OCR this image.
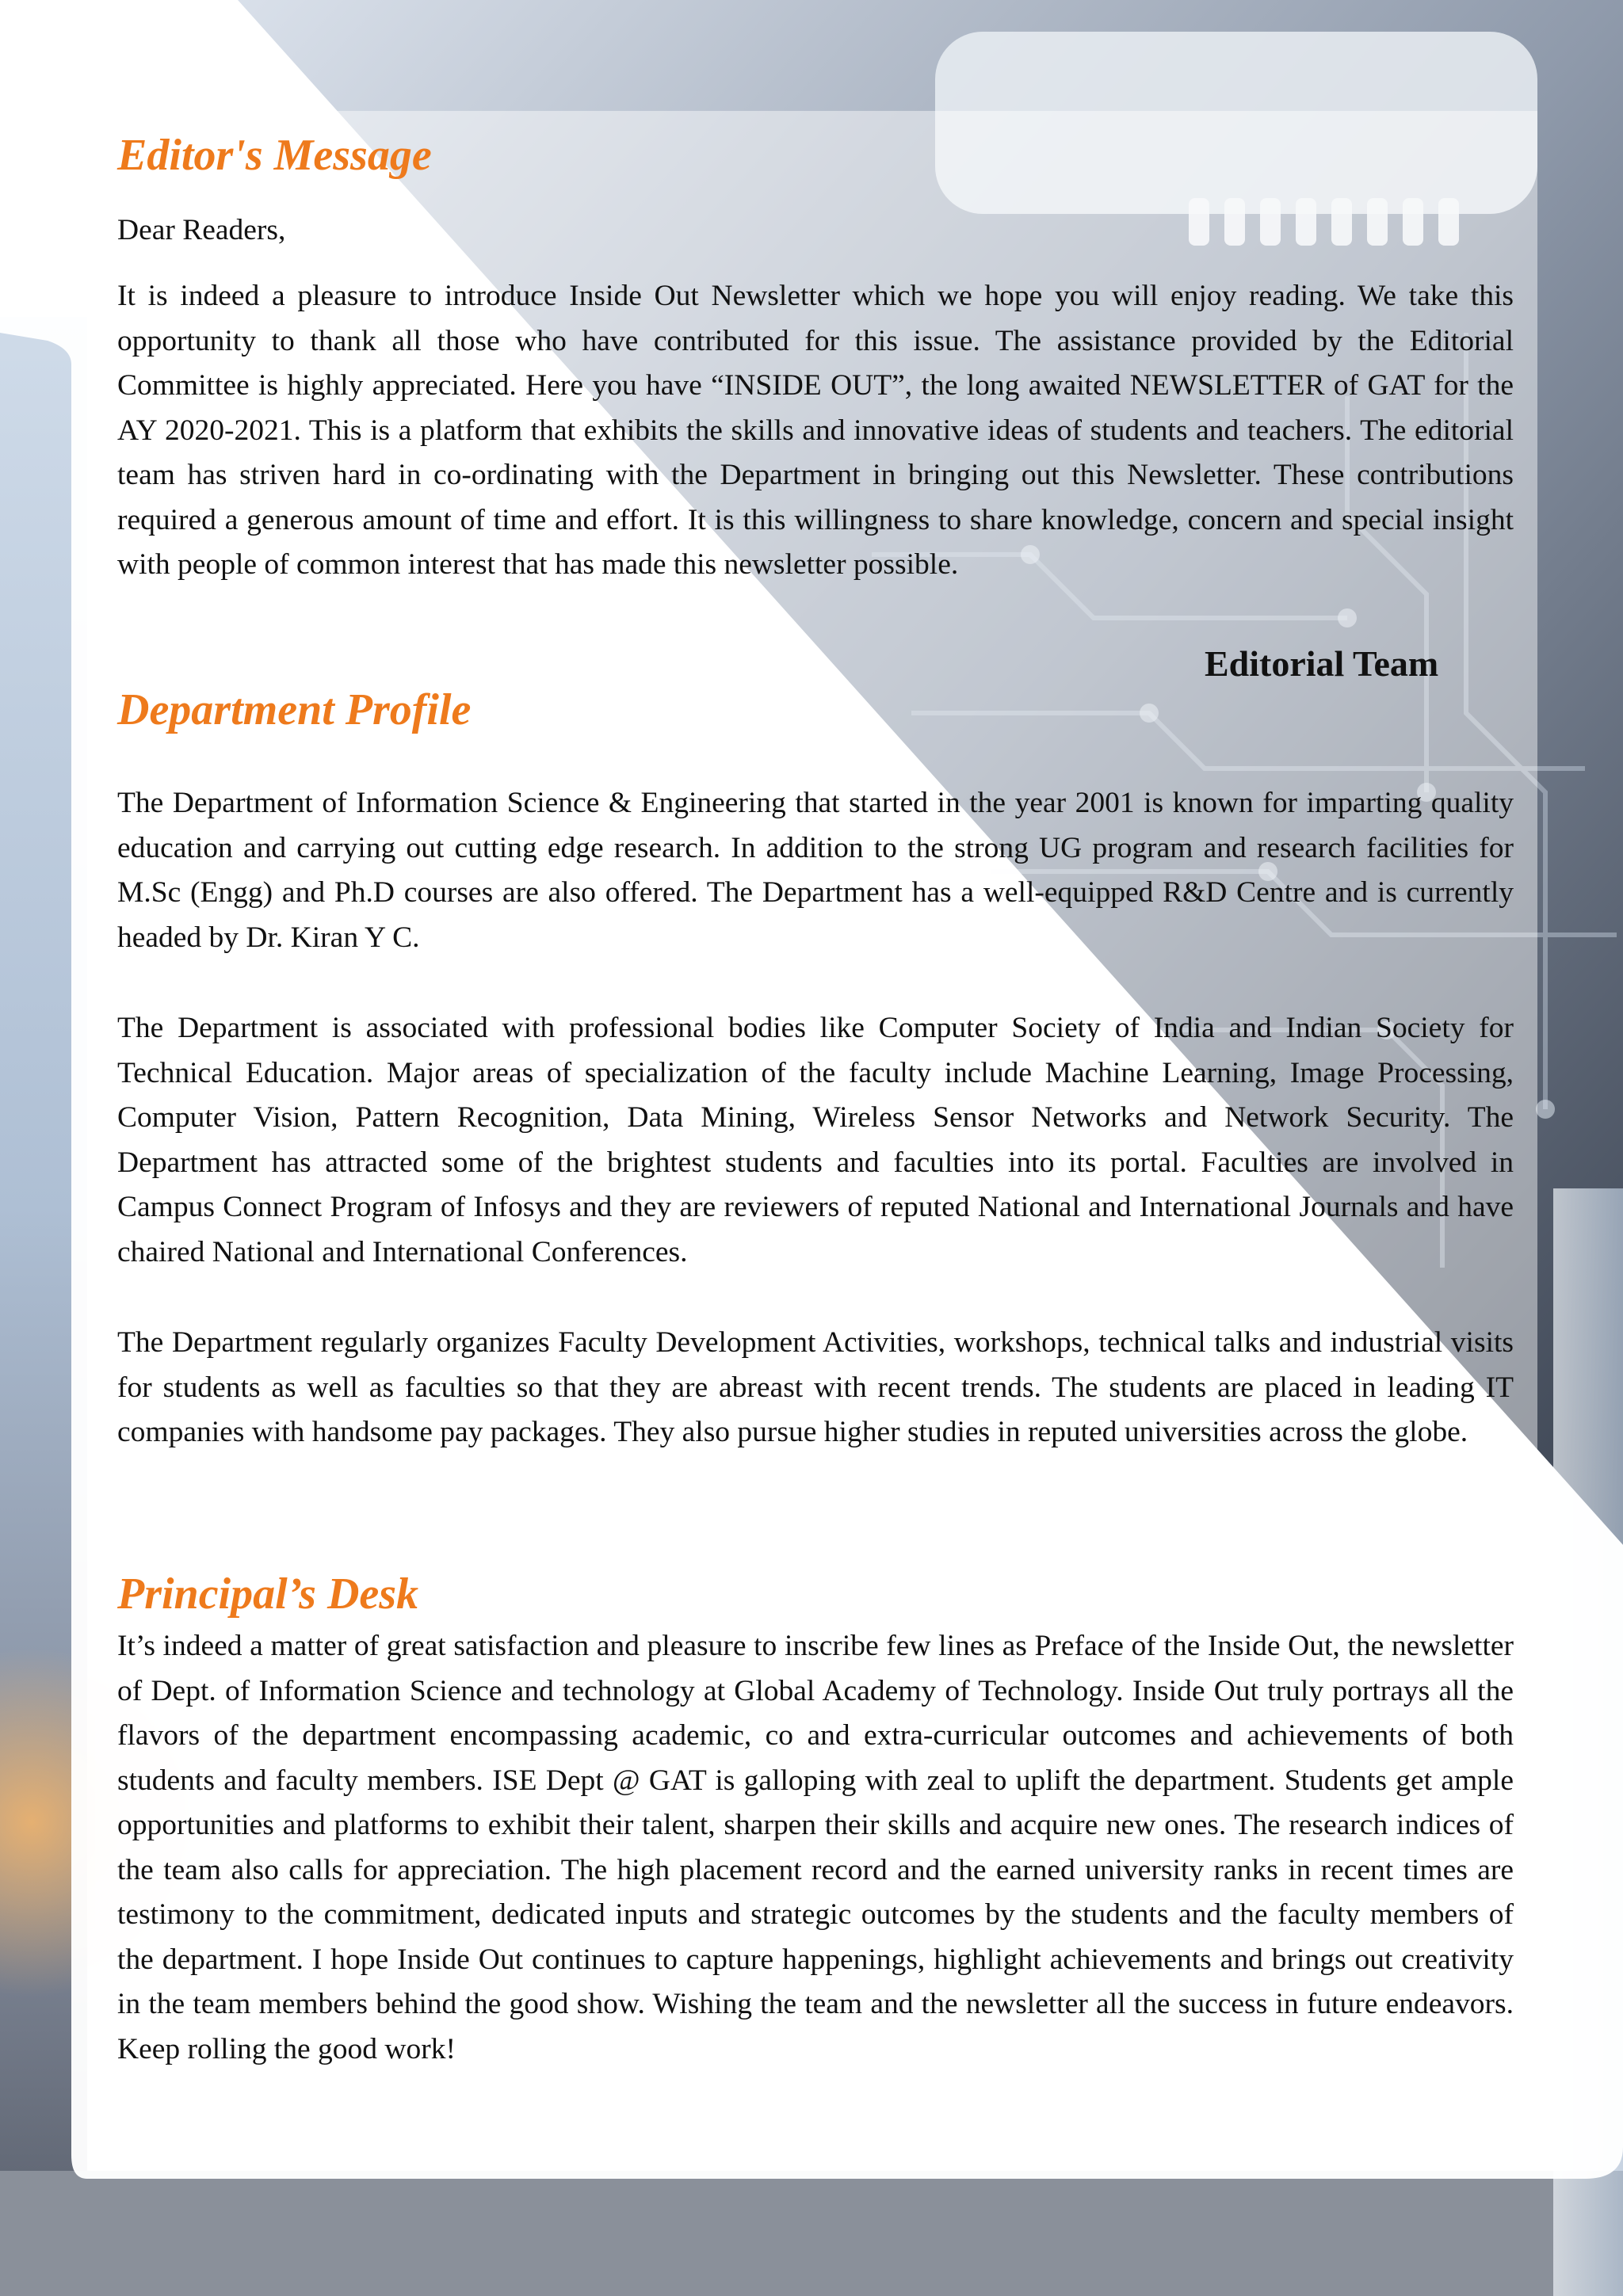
Editor's Message

Dear Readers,

It is indeed a pleasure to introduce Inside Out Newsletter which we hope you will enjoy reading. We take this opportunity to thank all those who have contributed for this issue. The assistance provided by the Editorial Committee is highly appreciated. Here you have “INSIDE OUT”, the long awaited NEWSLETTER of GAT for the AY 2020-2021. This is a platform that exhibits the skills and innovative ideas of students and teachers. The editorial team has striven hard in co-ordinating with the Department in bringing out this Newsletter. These contributions required a generous amount of time and effort. It is this willingness to share knowledge, concern and special insight with people of common interest that has made this newsletter possible.

Editorial Team

Department Profile

The Department of Information Science & Engineering that started in the year 2001 is known for imparting quality education and carrying out cutting edge research. In addition to the strong UG program and research facilities for M.Sc (Engg) and Ph.D courses are also offered. The Department has a well-equipped R&D Centre and is currently headed by Dr. Kiran Y C.

The Department is associated with professional bodies like Computer Society of India and Indian Society for Technical Education. Major areas of specialization of the faculty include Machine Learning, Image Processing, Computer Vision, Pattern Recognition, Data Mining, Wireless Sensor Networks and Network Security. The Department has attracted some of the brightest students and faculties into its portal. Faculties are involved in Campus Connect Program of Infosys and they are reviewers of reputed National and International Journals and have chaired National and International Conferences.

The Department regularly organizes Faculty Development Activities, workshops, technical talks and industrial visits for students as well as faculties so that they are abreast with recent trends. The students are placed in leading IT companies with handsome pay packages. They also pursue higher studies in reputed universities across the globe.

Principal’s Desk

It’s indeed a matter of great satisfaction and pleasure to inscribe few lines as Preface of the Inside Out, the newsletter of Dept. of Information Science and technology at Global Academy of Technology. Inside Out truly portrays all the flavors of the department encompassing academic, co and extra-curricular outcomes and achievements of both students and faculty members. ISE Dept @ GAT is galloping with zeal to uplift the department. Students get ample opportunities and platforms to exhibit their talent, sharpen their skills and acquire new ones. The research indices of the team also calls for appreciation. The high placement record and the earned university ranks in recent times are testimony to the commitment, dedicated inputs and strategic outcomes by the students and the faculty members of the department. I hope Inside Out continues to capture happenings, highlight achievements and brings out creativity in the team members behind the good show. Wishing the team and the newsletter all the success in future endeavors. Keep rolling the good work!
